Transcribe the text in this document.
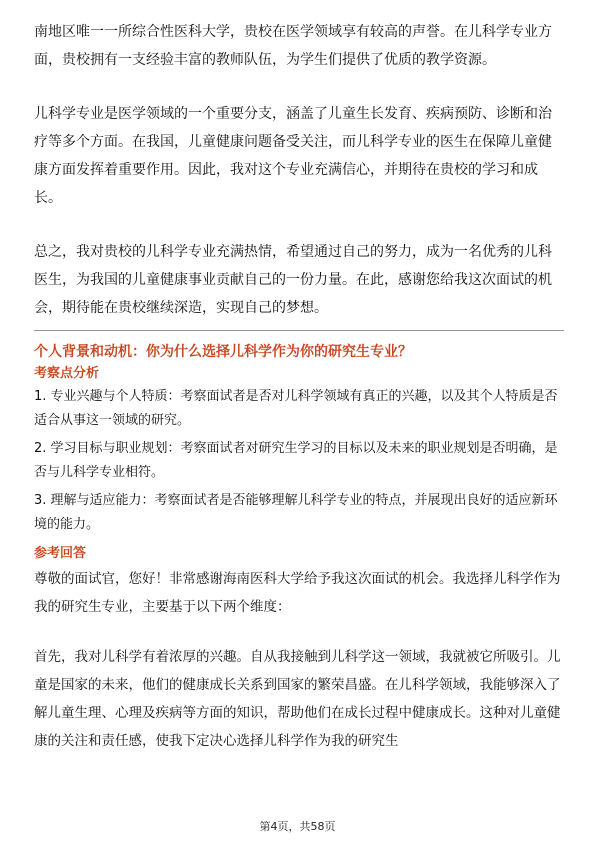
南地区唯一一所综合性医科大学，贵校在医学领域享有较高的声誉。在儿科学专业方面，贵校拥有一支经验丰富的教师队伍，为学生们提供了优质的教学资源。

儿科学专业是医学领域的一个重要分支，涵盖了儿童生长发育、疾病预防、诊断和治疗等多个方面。在我国，儿童健康问题备受关注，而儿科学专业的医生在保障儿童健康方面发挥着重要作用。因此，我对这个专业充满信心，并期待在贵校的学习和成长。

总之，我对贵校的儿科学专业充满热情，希望通过自己的努力，成为一名优秀的儿科医生，为我国的儿童健康事业贡献自己的一份力量。在此，感谢您给我这次面试的机会，期待能在贵校继续深造，实现自己的梦想。

个人背景和动机：你为什么选择儿科学作为你的研究生专业？

考察点分析

1. 专业兴趣与个人特质：考察面试者是否对儿科学领域有真正的兴趣，以及其个人特质是否适合从事这一领域的研究。
2. 学习目标与职业规划：考察面试者对研究生学习的目标以及未来的职业规划是否明确，是否与儿科学专业相符。
3. 理解与适应能力：考察面试者是否能够理解儿科学专业的特点，并展现出良好的适应新环境的能力。

参考回答

尊敬的面试官，您好！非常感谢海南医科大学给予我这次面试的机会。我选择儿科学作为我的研究生专业，主要基于以下两个维度：

首先，我对儿科学有着浓厚的兴趣。自从我接触到儿科学这一领域，我就被它所吸引。儿童是国家的未来，他们的健康成长关系到国家的繁荣昌盛。在儿科学领域，我能够深入了解儿童生理、心理及疾病等方面的知识，帮助他们在成长过程中健康成长。这种对儿童健康的关注和责任感，使我下定决心选择儿科学作为我的研究生

第4页，共58页
